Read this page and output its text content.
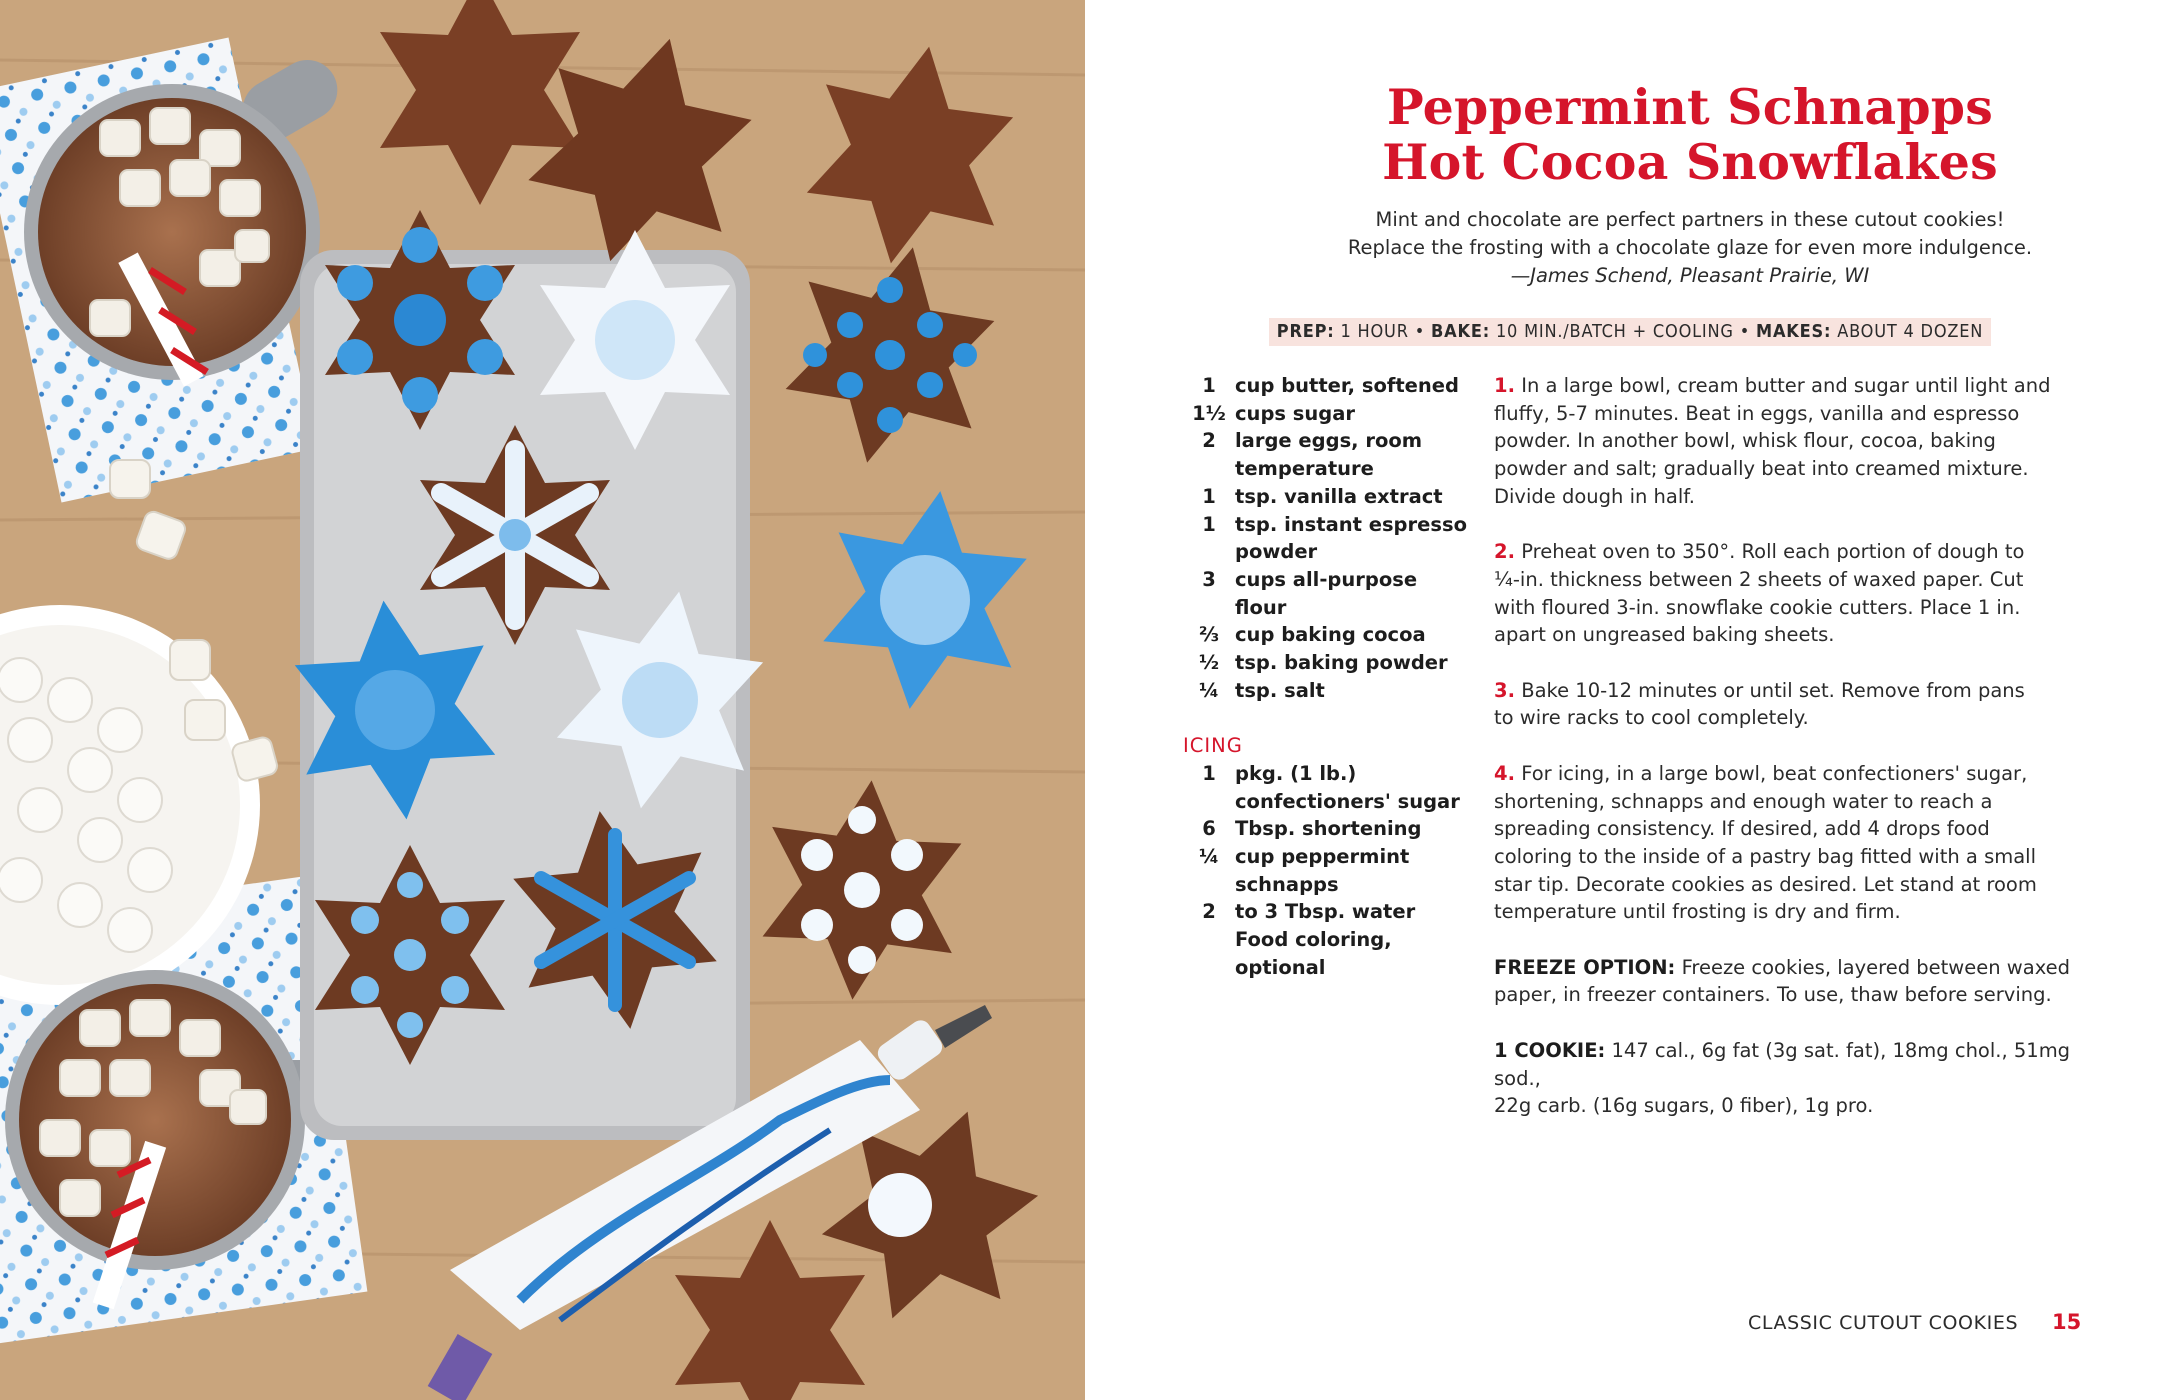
Peppermint Schnapps
Hot Cocoa Snowflakes
Mint and chocolate are perfect partners in these cutout cookies!
Replace the frosting with a chocolate glaze for even more indulgence.
—James Schend, Pleasant Prairie, WI
PREP: 1 HOUR • BAKE: 10 MIN./BATCH + COOLING • MAKES: ABOUT 4 DOZEN
1 cup butter, softened
1½ cups sugar
2 large eggs, room
temperature
1 tsp. vanilla extract
1 tsp. instant espresso
powder
3 cups all-purpose flour
⅔ cup baking cocoa
½ tsp. baking powder
¼ tsp. salt
ICING
1 pkg. (1 lb.)
confectioners' sugar
6 Tbsp. shortening
¼ cup peppermint
schnapps
2 to 3 Tbsp. water
Food coloring, optional

1. In a large bowl, cream butter and sugar until light and
fluffy, 5-7 minutes. Beat in eggs, vanilla and espresso
powder. In another bowl, whisk flour, cocoa, baking
powder and salt; gradually beat into creamed mixture.
Divide dough in half.

2. Preheat oven to 350°. Roll each portion of dough to
¼-in. thickness between 2 sheets of waxed paper. Cut
with floured 3-in. snowflake cookie cutters. Place 1 in.
apart on ungreased baking sheets.

3. Bake 10-12 minutes or until set. Remove from pans
to wire racks to cool completely.

4. For icing, in a large bowl, beat confectioners' sugar,
shortening, schnapps and enough water to reach a
spreading consistency. If desired, add 4 drops food
coloring to the inside of a pastry bag fitted with a small
star tip. Decorate cookies as desired. Let stand at room
temperature until frosting is dry and firm.

FREEZE OPTION: Freeze cookies, layered between waxed
paper, in freezer containers. To use, thaw before serving.

1 COOKIE: 147 cal., 6g fat (3g sat. fat), 18mg chol., 51mg sod.,
22g carb. (16g sugars, 0 fiber), 1g pro.

CLASSIC CUTOUT COOKIES 15
